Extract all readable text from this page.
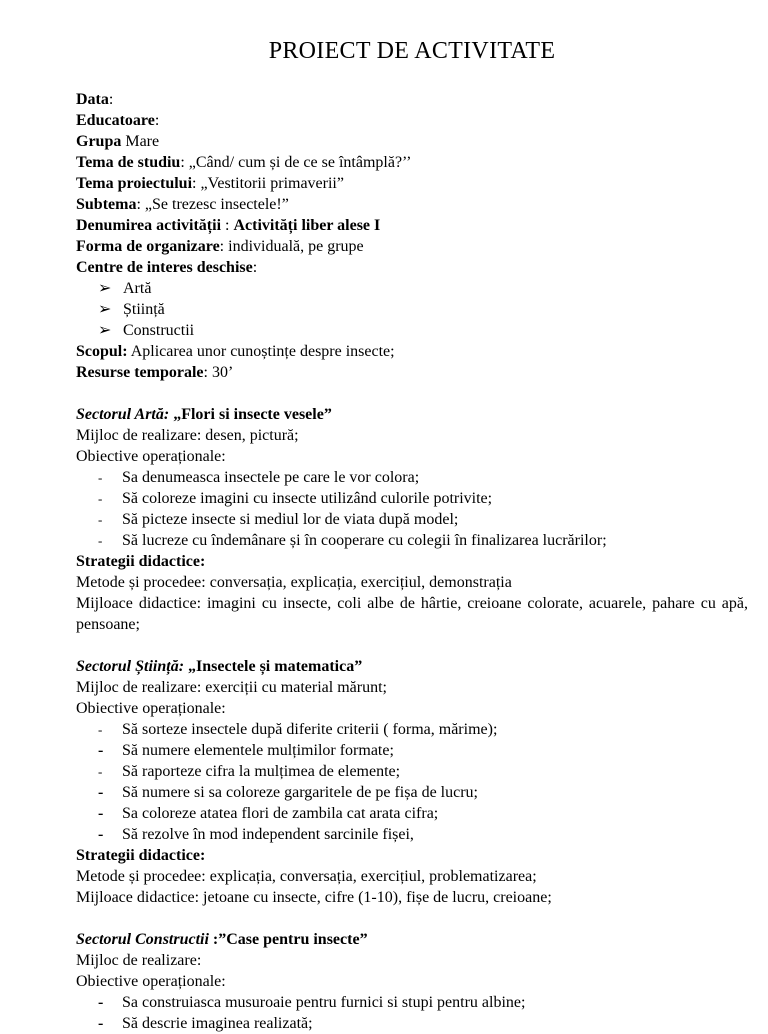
PROIECT DE ACTIVITATE
Data:
Educatoare:
Grupa Mare
Tema de studiu: „Când/ cum și de ce se întâmplă?’’
Tema proiectului: „Vestitorii primaverii”
Subtema: „Se trezesc insectele!”
Denumirea activității : Activități liber alese I
Forma de organizare: individuală, pe grupe
Centre de interes deschise:
➢ Artă
➢ Știință
➢ Constructii
Scopul: Aplicarea unor cunoștințe despre insecte;
Resurse temporale: 30’
Sectorul Artă: „Flori si insecte vesele”
Mijloc de realizare: desen, pictură;
Obiective operaționale:
-	Sa denumeasca insectele pe care le vor colora;
-	Să coloreze imagini cu insecte utilizând culorile potrivite;
-	Să picteze insecte si mediul lor de viata după model;
-	Să lucreze cu îndemânare și în cooperare cu colegii în finalizarea lucrărilor;
Strategii didactice:
Metode și procedee: conversația, explicația, exercițiul, demonstrația
Mijloace didactice: imagini cu insecte, coli albe de hârtie, creioane colorate, acuarele, pahare cu apă, pensoane;
Sectorul Știință: „Insectele și matematica”
Mijloc de realizare: exerciții cu material mărunt;
Obiective operaționale:
-	Să sorteze insectele după diferite criterii ( forma, mărime);
-	Să numere elementele mulțimilor formate;
-	Să raporteze cifra la mulțimea de elemente;
-	Să numere si sa coloreze gargaritele de pe fișa de lucru;
-	Sa coloreze atatea flori de zambila cat arata cifra;
-	Să rezolve în mod independent sarcinile fișei,
Strategii didactice:
Metode și procedee: explicația, conversația, exercițiul, problematizarea;
Mijloace didactice: jetoane cu insecte, cifre (1-10), fișe de lucru, creioane;
Sectorul Constructii :”Case pentru insecte”
Mijloc de realizare:
Obiective operaționale:
-	Sa construiasca musuroaie pentru furnici si stupi pentru albine;
-	Să descrie imaginea realizată;
